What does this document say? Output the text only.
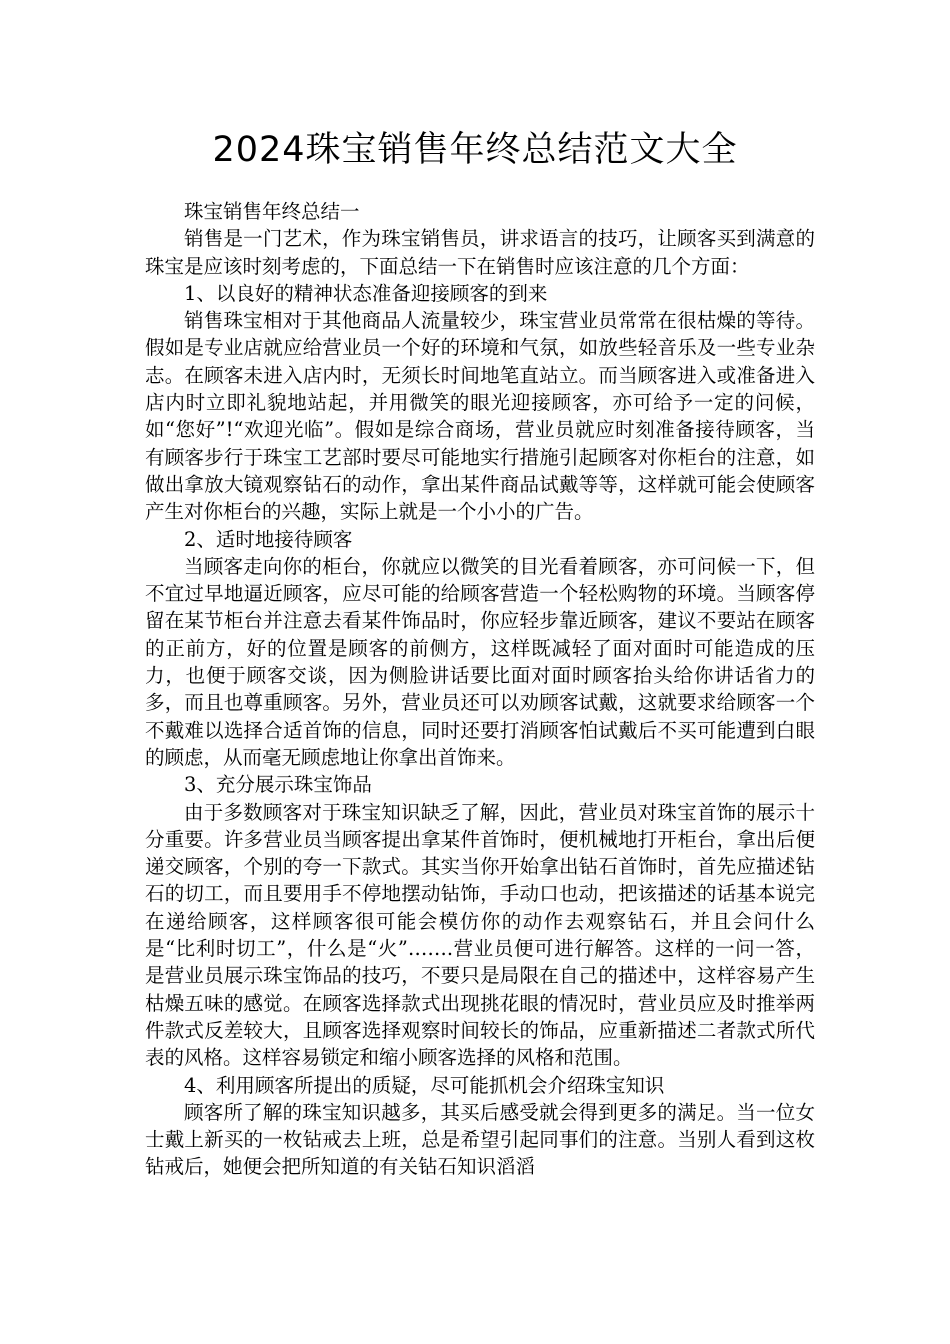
2024珠宝销售年终总结范文大全

珠宝销售年终总结一

销售是一门艺术，作为珠宝销售员，讲求语言的技巧，让顾客买到满意的珠宝是应该时刻考虑的，下面总结一下在销售时应该注意的几个方面：

1、以良好的精神状态准备迎接顾客的到来

销售珠宝相对于其他商品人流量较少，珠宝营业员常常在很枯燥的等待。假如是专业店就应给营业员一个好的环境和气氛，如放些轻音乐及一些专业杂志。在顾客未进入店内时，无须长时间地笔直站立。而当顾客进入或准备进入店内时立即礼貌地站起，并用微笑的眼光迎接顾客，亦可给予一定的问候，如“您好”!“欢迎光临”。假如是综合商场，营业员就应时刻准备接待顾客，当有顾客步行于珠宝工艺部时要尽可能地实行措施引起顾客对你柜台的注意，如做出拿放大镜观察钻石的动作，拿出某件商品试戴等等，这样就可能会使顾客产生对你柜台的兴趣，实际上就是一个小小的广告。

2、适时地接待顾客

当顾客走向你的柜台，你就应以微笑的目光看着顾客，亦可问候一下，但不宜过早地逼近顾客，应尽可能的给顾客营造一个轻松购物的环境。当顾客停留在某节柜台并注意去看某件饰品时，你应轻步靠近顾客，建议不要站在顾客的正前方，好的位置是顾客的前侧方，这样既减轻了面对面时可能造成的压力，也便于顾客交谈，因为侧脸讲话要比面对面时顾客抬头给你讲话省力的多，而且也尊重顾客。另外，营业员还可以劝顾客试戴，这就要求给顾客一个不戴难以选择合适首饰的信息，同时还要打消顾客怕试戴后不买可能遭到白眼的顾虑，从而毫无顾虑地让你拿出首饰来。

3、充分展示珠宝饰品

由于多数顾客对于珠宝知识缺乏了解，因此，营业员对珠宝首饰的展示十分重要。许多营业员当顾客提出拿某件首饰时，便机械地打开柜台，拿出后便递交顾客，个别的夸一下款式。其实当你开始拿出钻石首饰时，首先应描述钻石的切工，而且要用手不停地摆动钻饰，手动口也动，把该描述的话基本说完在递给顾客，这样顾客很可能会模仿你的动作去观察钻石，并且会问什么是“比利时切工”，什么是“火”…….营业员便可进行解答。这样的一问一答，是营业员展示珠宝饰品的技巧，不要只是局限在自己的描述中，这样容易产生枯燥五味的感觉。在顾客选择款式出现挑花眼的情况时，营业员应及时推举两件款式反差较大，且顾客选择观察时间较长的饰品，应重新描述二者款式所代表的风格。这样容易锁定和缩小顾客选择的风格和范围。

4、利用顾客所提出的质疑，尽可能抓机会介绍珠宝知识

顾客所了解的珠宝知识越多，其买后感受就会得到更多的满足。当一位女士戴上新买的一枚钻戒去上班，总是希望引起同事们的注意。当别人看到这枚钻戒后，她便会把所知道的有关钻石知识滔滔
